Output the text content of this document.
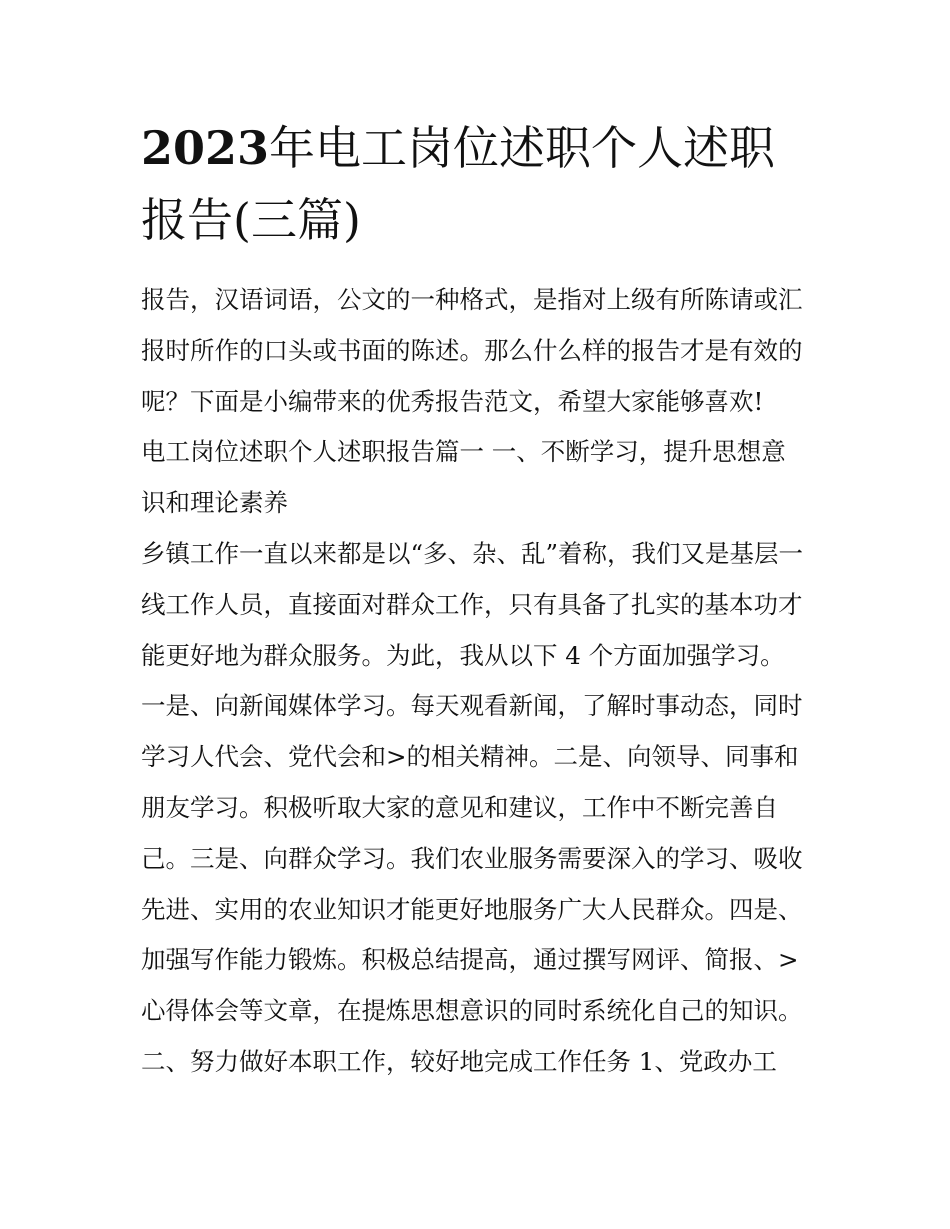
2023年电工岗位述职个人述职报告(三篇)

报告，汉语词语，公文的一种格式，是指对上级有所陈请或汇

报时所作的口头或书面的陈述。那么什么样的报告才是有效的

呢？下面是小编带来的优秀报告范文，希望大家能够喜欢!

电工岗位述职个人述职报告篇一 一、不断学习，提升思想意

识和理论素养

乡镇工作一直以来都是以“多、杂、乱”着称，我们又是基层一

线工作人员，直接面对群众工作，只有具备了扎实的基本功才

能更好地为群众服务。为此，我从以下 4 个方面加强学习。

一是、向新闻媒体学习。每天观看新闻，了解时事动态，同时

学习人代会、党代会和>的相关精神。二是、向领导、同事和

朋友学习。积极听取大家的意见和建议，工作中不断完善自

己。三是、向群众学习。我们农业服务需要深入的学习、吸收

先进、实用的农业知识才能更好地服务广大人民群众。四是、

加强写作能力锻炼。积极总结提高，通过撰写网评、简报、>

心得体会等文章，在提炼思想意识的同时系统化自己的知识。

二、努力做好本职工作，较好地完成工作任务 1、党政办工
